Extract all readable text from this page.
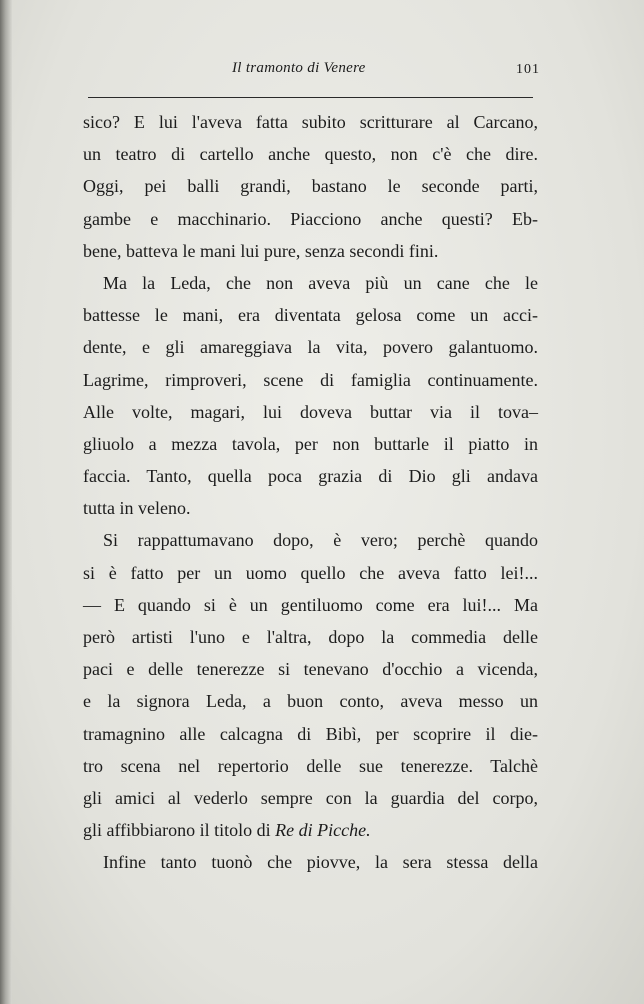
Il tramonto di Venere	101
sico? E lui l'aveva fatta subito scritturare al Carcano,
un teatro di cartello anche questo, non c'è che dire.
Oggi, pei balli grandi, bastano le seconde parti,
gambe e macchinario. Piacciono anche questi? Eb-
bene, batteva le mani lui pure, senza secondi fini.
Ma la Leda, che non aveva più un cane che le
battesse le mani, era diventata gelosa come un acci-
dente, e gli amareggiava la vita, povero galantuomo.
Lagrime, rimproveri, scene di famiglia continuamente.
Alle volte, magari, lui doveva buttar via il tova–
gliuolo a mezza tavola, per non buttarle il piatto in
faccia. Tanto, quella poca grazia di Dio gli andava
tutta in veleno.
Si rappattumavano dopo, è vero; perchè quando
si è fatto per un uomo quello che aveva fatto lei!...
— E quando si è un gentiluomo come era lui!... Ma
però artisti l'uno e l'altra, dopo la commedia delle
paci e delle tenerezze si tenevano d'occhio a vicenda,
e la signora Leda, a buon conto, aveva messo un
tramagnino alle calcagna di Bibì, per scoprire il die-
tro scena nel repertorio delle sue tenerezze. Talchè
gli amici al vederlo sempre con la guardia del corpo,
gli affibbiarono il titolo di Re di Picche.
Infine tanto tuonò che piovve, la sera stessa della
